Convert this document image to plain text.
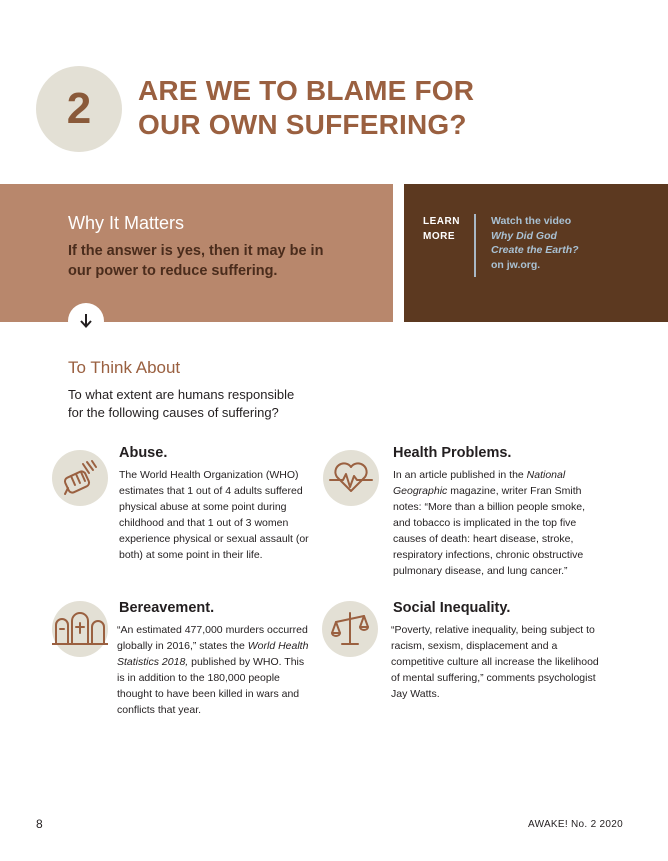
2 ARE WE TO BLAME FOR
OUR OWN SUFFERING?
Why It Matters

If the answer is yes, then it may be in our power to reduce suffering.

LEARN
MORE
Watch the video
Why Did God
Create the Earth?
on jw.org.
To Think About

To what extent are humans responsible for the following causes of suffering?

Abuse.

The World Health Organization (WHO) estimates that 1 out of 4 adults suffered physical abuse at some point during childhood and that 1 out of 3 women experience physical or sexual assault (or both) at some point in their life.

Health Problems.

In an article published in the National Geographic magazine, writer Fran Smith notes: “More than a billion people smoke, and tobacco is implicated in the top five causes of death: heart disease, stroke, respiratory infections, chronic obstructive pulmonary disease, and lung cancer.”

Bereavement.

“An estimated 477,000 murders occurred globally in 2016,” states the World Health Statistics 2018, published by WHO. This is in addition to the 180,000 people thought to have been killed in wars and conflicts that year.

Social Inequality.

“Poverty, relative inequality, being subject to racism, sexism, displacement and a competitive culture all increase the likelihood of mental suffering,” comments psychologist Jay Watts.

8	AWAKE! No. 2 2020
